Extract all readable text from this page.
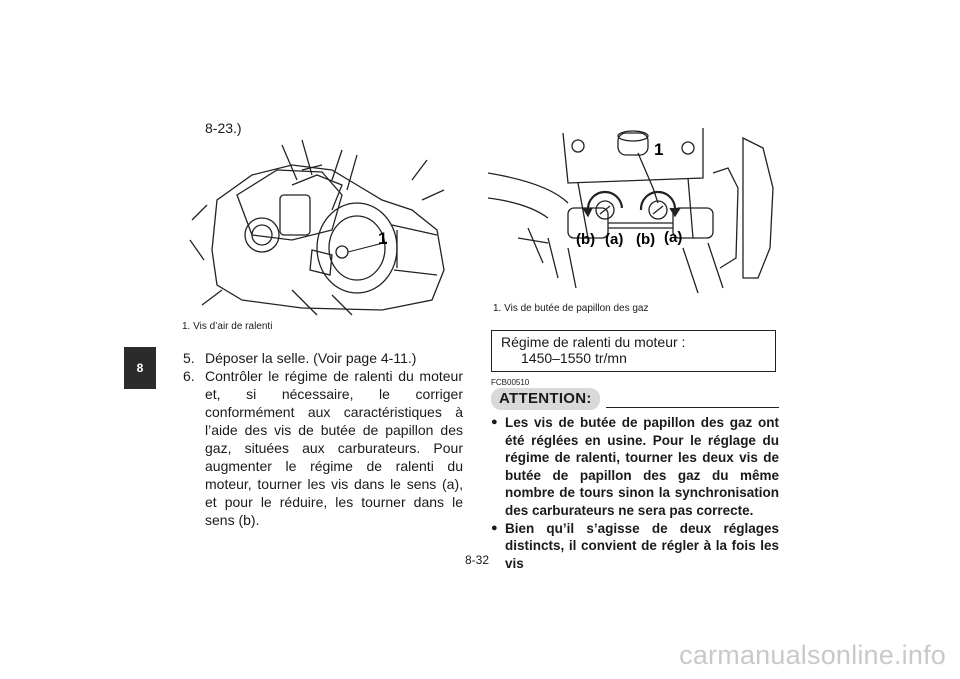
8
8-23.)
1
1. Vis d’air de ralenti
5. Déposer la selle. (Voir page 4-11.)
6. Contrôler le régime de ralenti du moteur et, si nécessaire, le corriger conformément aux caractéristiques à l’aide des vis de butée de papillon des gaz, situées aux carburateurs. Pour augmenter le régime de ralenti du moteur, tourner les vis dans le sens (a), et pour le réduire, les tourner dans le sens (b).
1
(b) (a) (b) (a)
1. Vis de butée de papillon des gaz
Régime de ralenti du moteur :
1450–1550 tr/mn
FCB00510
ATTENTION:
● Les vis de butée de papillon des gaz ont été réglées en usine. Pour le réglage du régime de ralenti, tourner les deux vis de butée de papillon des gaz du même nombre de tours sinon la synchronisation des carburateurs ne sera pas correcte.
● Bien qu’il s’agisse de deux réglages distincts, il convient de régler à la fois les vis
8-32
carmanualsonline.info
